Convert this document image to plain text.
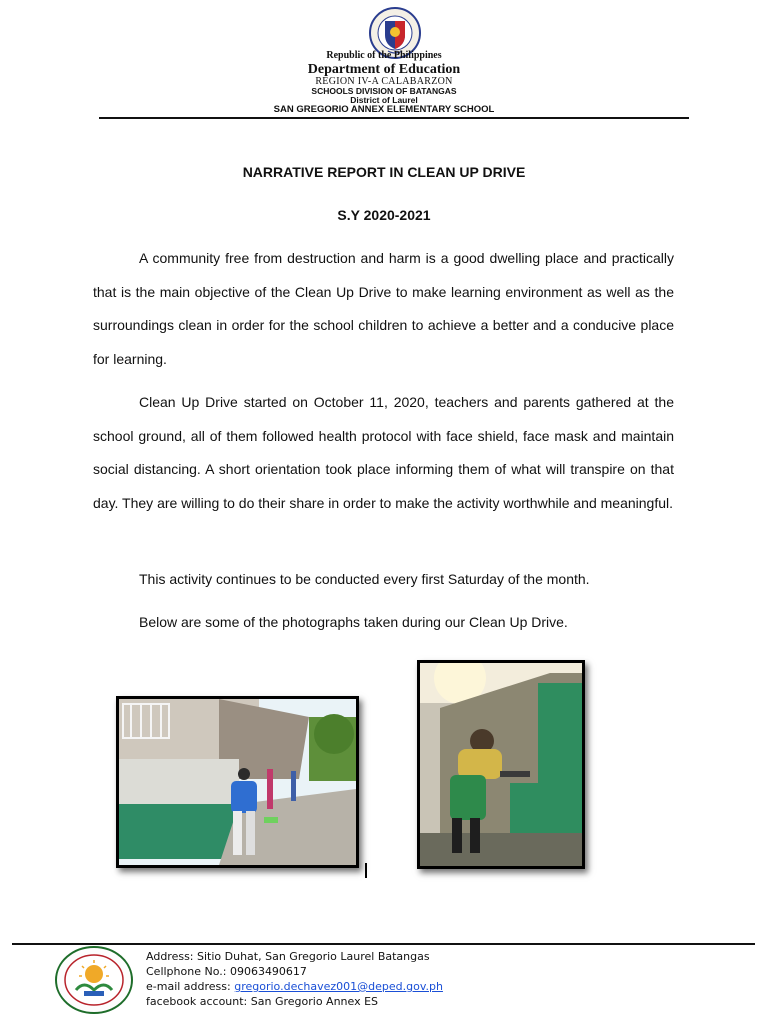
Republic of the Philippines
Department of Education
REGION IV-A CALABARZON
SCHOOLS DIVISION OF BATANGAS
District of Laurel
SAN GREGORIO ANNEX ELEMENTARY SCHOOL
NARRATIVE REPORT IN CLEAN UP DRIVE
S.Y 2020-2021

A community free from destruction and harm is a good dwelling place and practically that is the main objective of the Clean Up Drive to make learning environment as well as the surroundings clean in order for the school children to achieve a better and a conducive place for learning.

Clean Up Drive started on October 11, 2020, teachers and parents gathered at the school ground, all of them followed health protocol with face shield, face mask and maintain social distancing. A short orientation took place informing them of what will transpire on that day. They are willing to do their share in order to make the activity worthwhile and meaningful.

This activity continues to be conducted every first Saturday of the month.

Below are some of the photographs taken during our Clean Up Drive.

Address: Sitio Duhat, San Gregorio Laurel Batangas
Cellphone No.: 09063490617
e-mail address: gregorio.dechavez001@deped.gov.ph
facebook account: San Gregorio Annex ES
